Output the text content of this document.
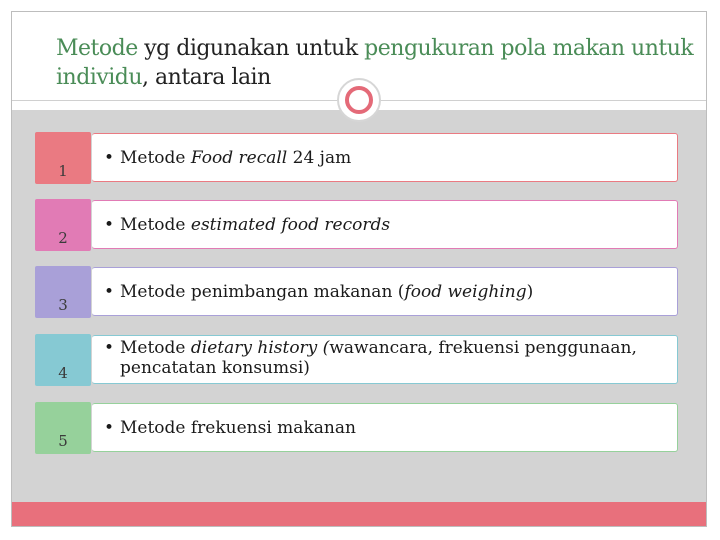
Metode yg digunakan untuk pengukuran pola makan untuk
individu, antara lain
1
• Metode Food recall 24 jam
2
• Metode estimated food records
3
• Metode penimbangan makanan (food weighing)
4
• Metode dietary history (wawancara, frekuensi penggunaan, pencatatan konsumsi)
5
• Metode frekuensi makanan
